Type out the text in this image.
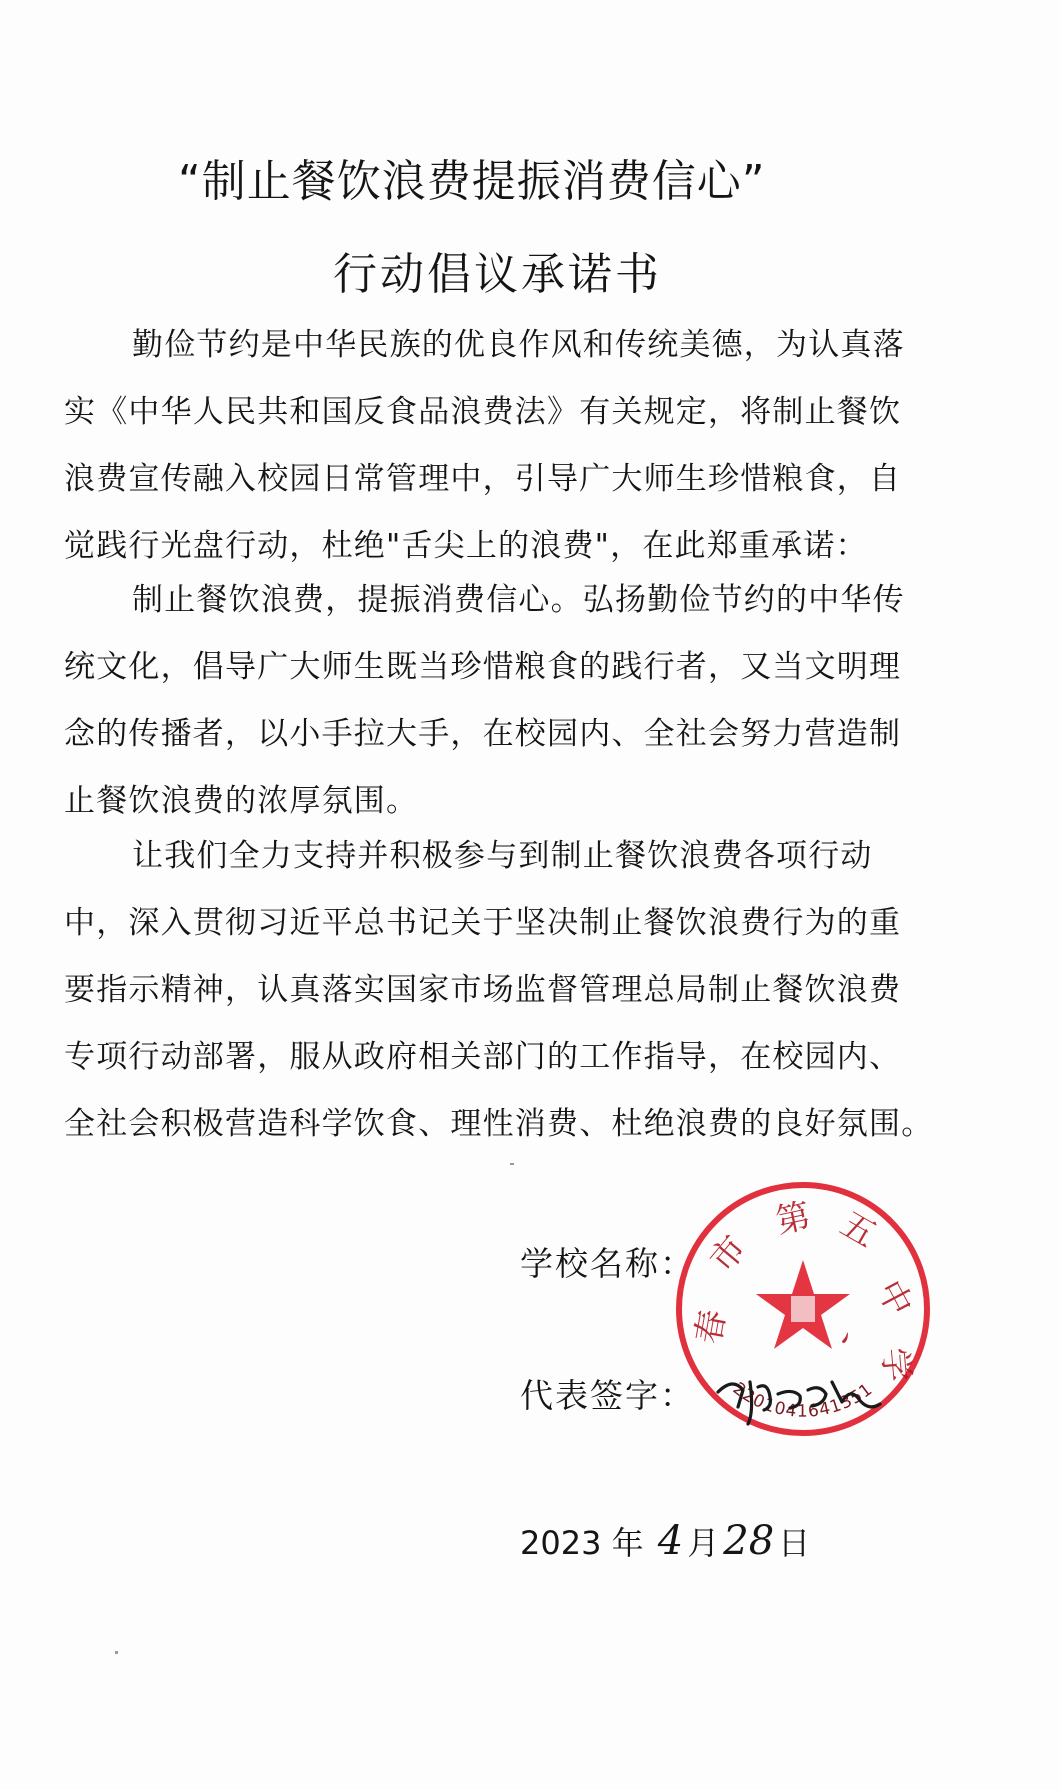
“制止餐饮浪费提振消费信心”
行动倡议承诺书
勤俭节约是中华民族的优良作风和传统美德，为认真落
实《中华人民共和国反食品浪费法》有关规定，将制止餐饮
浪费宣传融入校园日常管理中，引导广大师生珍惜粮食，自
觉践行光盘行动，杜绝"舌尖上的浪费"，在此郑重承诺：
制止餐饮浪费，提振消费信心。弘扬勤俭节约的中华传
统文化，倡导广大师生既当珍惜粮食的践行者，又当文明理
念的传播者，以小手拉大手，在校园内、全社会努力营造制
止餐饮浪费的浓厚氛围。
让我们全力支持并积极参与到制止餐饮浪费各项行动
中，深入贯彻习近平总书记关于坚决制止餐饮浪费行为的重
要指示精神，认真落实国家市场监督管理总局制止餐饮浪费
专项行动部署，服从政府相关部门的工作指导，在校园内、
全社会积极营造科学饮食、理性消费、杜绝浪费的良好氛围。
学校名称：
代表签字：
春
市
第 五
中
、
学
2201041641351
2023 年 4 月 28 日
